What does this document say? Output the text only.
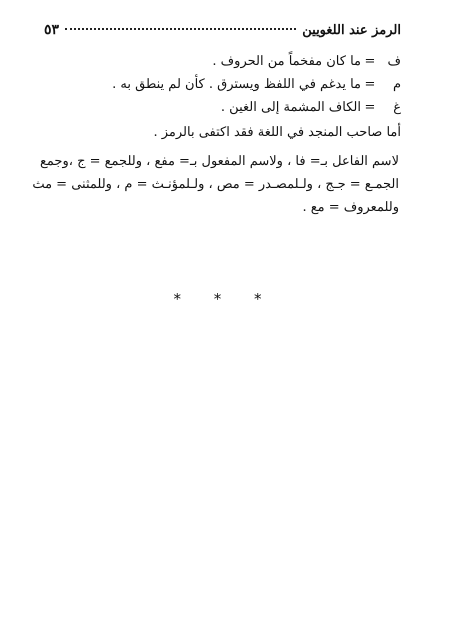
الرمز عند اللغويين
٥٣
ف
=
ما كان مفخماً من الحروف .
م
=
ما يدغم في اللفظ ويسترق . كأن لم ينطق به .
غ
=
الكاف المشمة إلى الغين .
أما صاحب المنجد في اللغة فقد اكتفى بالرمز .
لاسم الفاعل بـ= فا ، ولاسم المفعول بـ= مفع ، وللجمع = ج ،وجمع
الجمـع = جـج ، ولـلمصـدر = مص ، ولـلمؤنـث = م ، وللمثنى = مث
وللمعروف = مع .
* * *
